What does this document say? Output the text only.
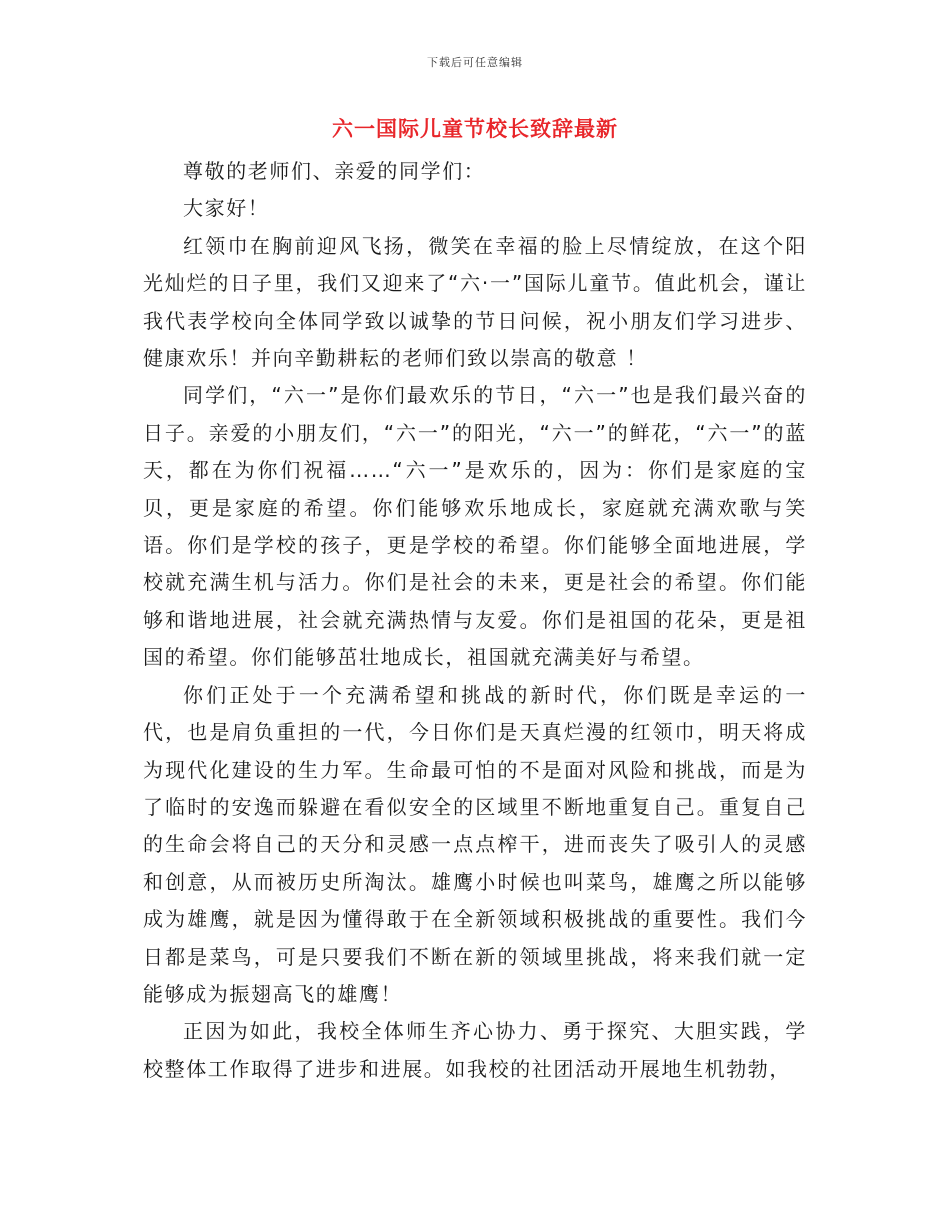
下载后可任意编辑
六一国际儿童节校长致辞最新

尊敬的老师们、亲爱的同学们：

大家好！

红领巾在胸前迎风飞扬，微笑在幸福的脸上尽情绽放，在这个阳光灿烂的日子里，我们又迎来了“六·一”国际儿童节。值此机会，谨让我代表学校向全体同学致以诚挚的节日问候，祝小朋友们学习进步、健康欢乐！并向辛勤耕耘的老师们致以崇高的敬意 ！

同学们，“六一”是你们最欢乐的节日，“六一”也是我们最兴奋的日子。亲爱的小朋友们，“六一”的阳光，“六一”的鲜花，“六一”的蓝天，都在为你们祝福……“六一”是欢乐的，因为：你们是家庭的宝贝，更是家庭的希望。你们能够欢乐地成长，家庭就充满欢歌与笑语。你们是学校的孩子，更是学校的希望。你们能够全面地进展，学校就充满生机与活力。你们是社会的未来，更是社会的希望。你们能够和谐地进展，社会就充满热情与友爱。你们是祖国的花朵，更是祖国的希望。你们能够茁壮地成长，祖国就充满美好与希望。

你们正处于一个充满希望和挑战的新时代，你们既是幸运的一代，也是肩负重担的一代，今日你们是天真烂漫的红领巾，明天将成为现代化建设的生力军。生命最可怕的不是面对风险和挑战，而是为了临时的安逸而躲避在看似安全的区域里不断地重复自己。重复自己的生命会将自己的天分和灵感一点点榨干，进而丧失了吸引人的灵感和创意，从而被历史所淘汰。雄鹰小时候也叫菜鸟，雄鹰之所以能够成为雄鹰，就是因为懂得敢于在全新领域积极挑战的重要性。我们今日都是菜鸟，可是只要我们不断在新的领域里挑战，将来我们就一定能够成为振翅高飞的雄鹰！

正因为如此，我校全体师生齐心协力、勇于探究、大胆实践，学校整体工作取得了进步和进展。如我校的社团活动开展地生机勃勃，
